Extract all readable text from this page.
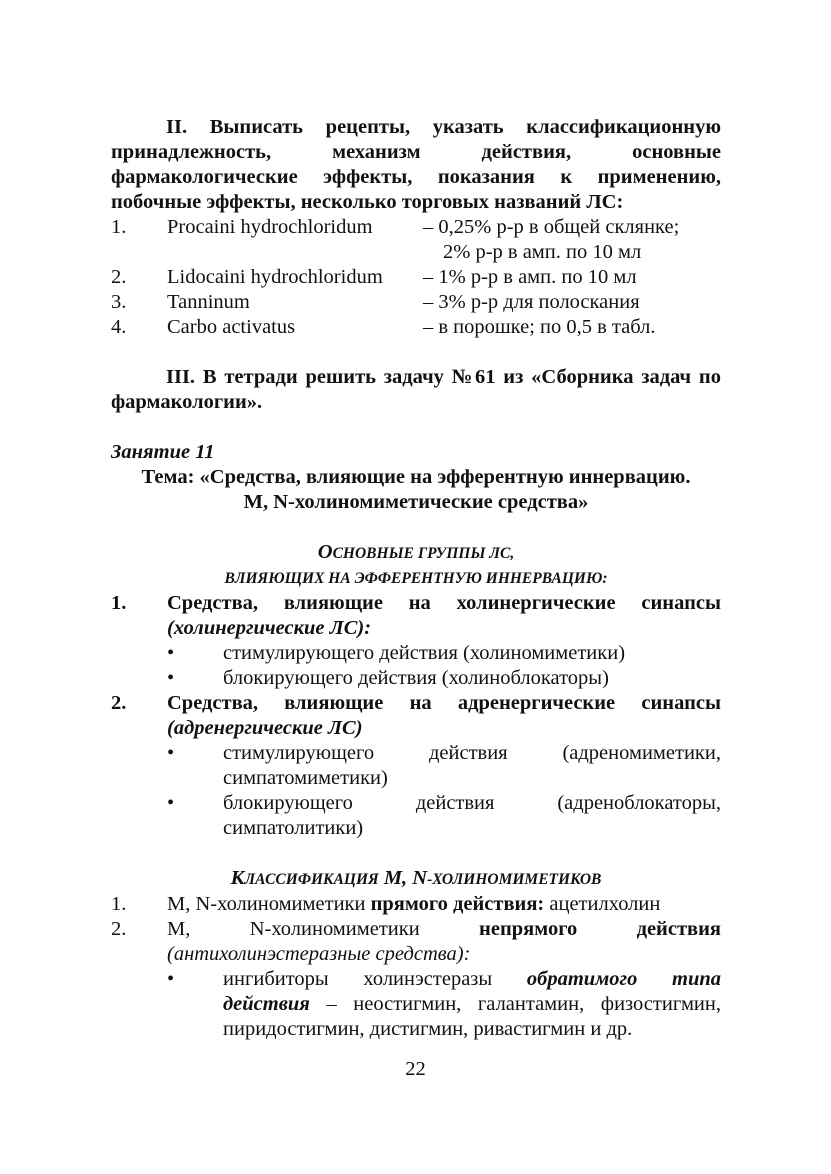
II. Выписать рецепты, указать классификационную принадлежность, механизм действия, основные фармакологические эффекты, показания к применению, побочные эффекты, несколько торговых названий ЛС:

1.	Procaini hydrochloridum	– 0,25% р-р в общей склянке;
2% р-р в амп. по 10 мл
2.	Lidocaini hydrochloridum	– 1% р-р в амп. по 10 мл
3.	Tanninum	– 3% р-р для полоскания
4.	Carbo activatus	– в порошке; по 0,5 в табл.

III. В тетради решить задачу №61 из «Сборника задач по фармакологии».

Занятие 11

Тема: «Средства, влияющие на эфферентную иннервацию.

M, N-холиномиметические средства»

ОСНОВНЫЕ ГРУППЫ ЛС,

ВЛИЯЮЩИХ НА ЭФФЕРЕНТНУЮ ИННЕРВАЦИЮ:

1.	Средства, влияющие на холинергические синапсы (холинергические ЛС):
•	стимулирующего действия (холиномиметики)
•	блокирующего действия (холиноблокаторы)
2.	Средства, влияющие на адренергические синапсы (адренергические ЛС)
•	стимулирующего действия (адреномиметики, симпатомиметики)
•	блокирующего действия (адреноблокаторы, симпатолитики)

КЛАССИФИКАЦИЯ M, N-ХОЛИНОМИМЕТИКОВ

1.	M, N-холиномиметики прямого действия: ацетилхолин
2.	M, N-холиномиметики	непрямого действия (антихолинэстеразные средства):
•	ингибиторы холинэстеразы обратимого типа действия – неостигмин, галантамин, физостигмин, пиридостигмин, дистигмин, ривастигмин и др.
22
